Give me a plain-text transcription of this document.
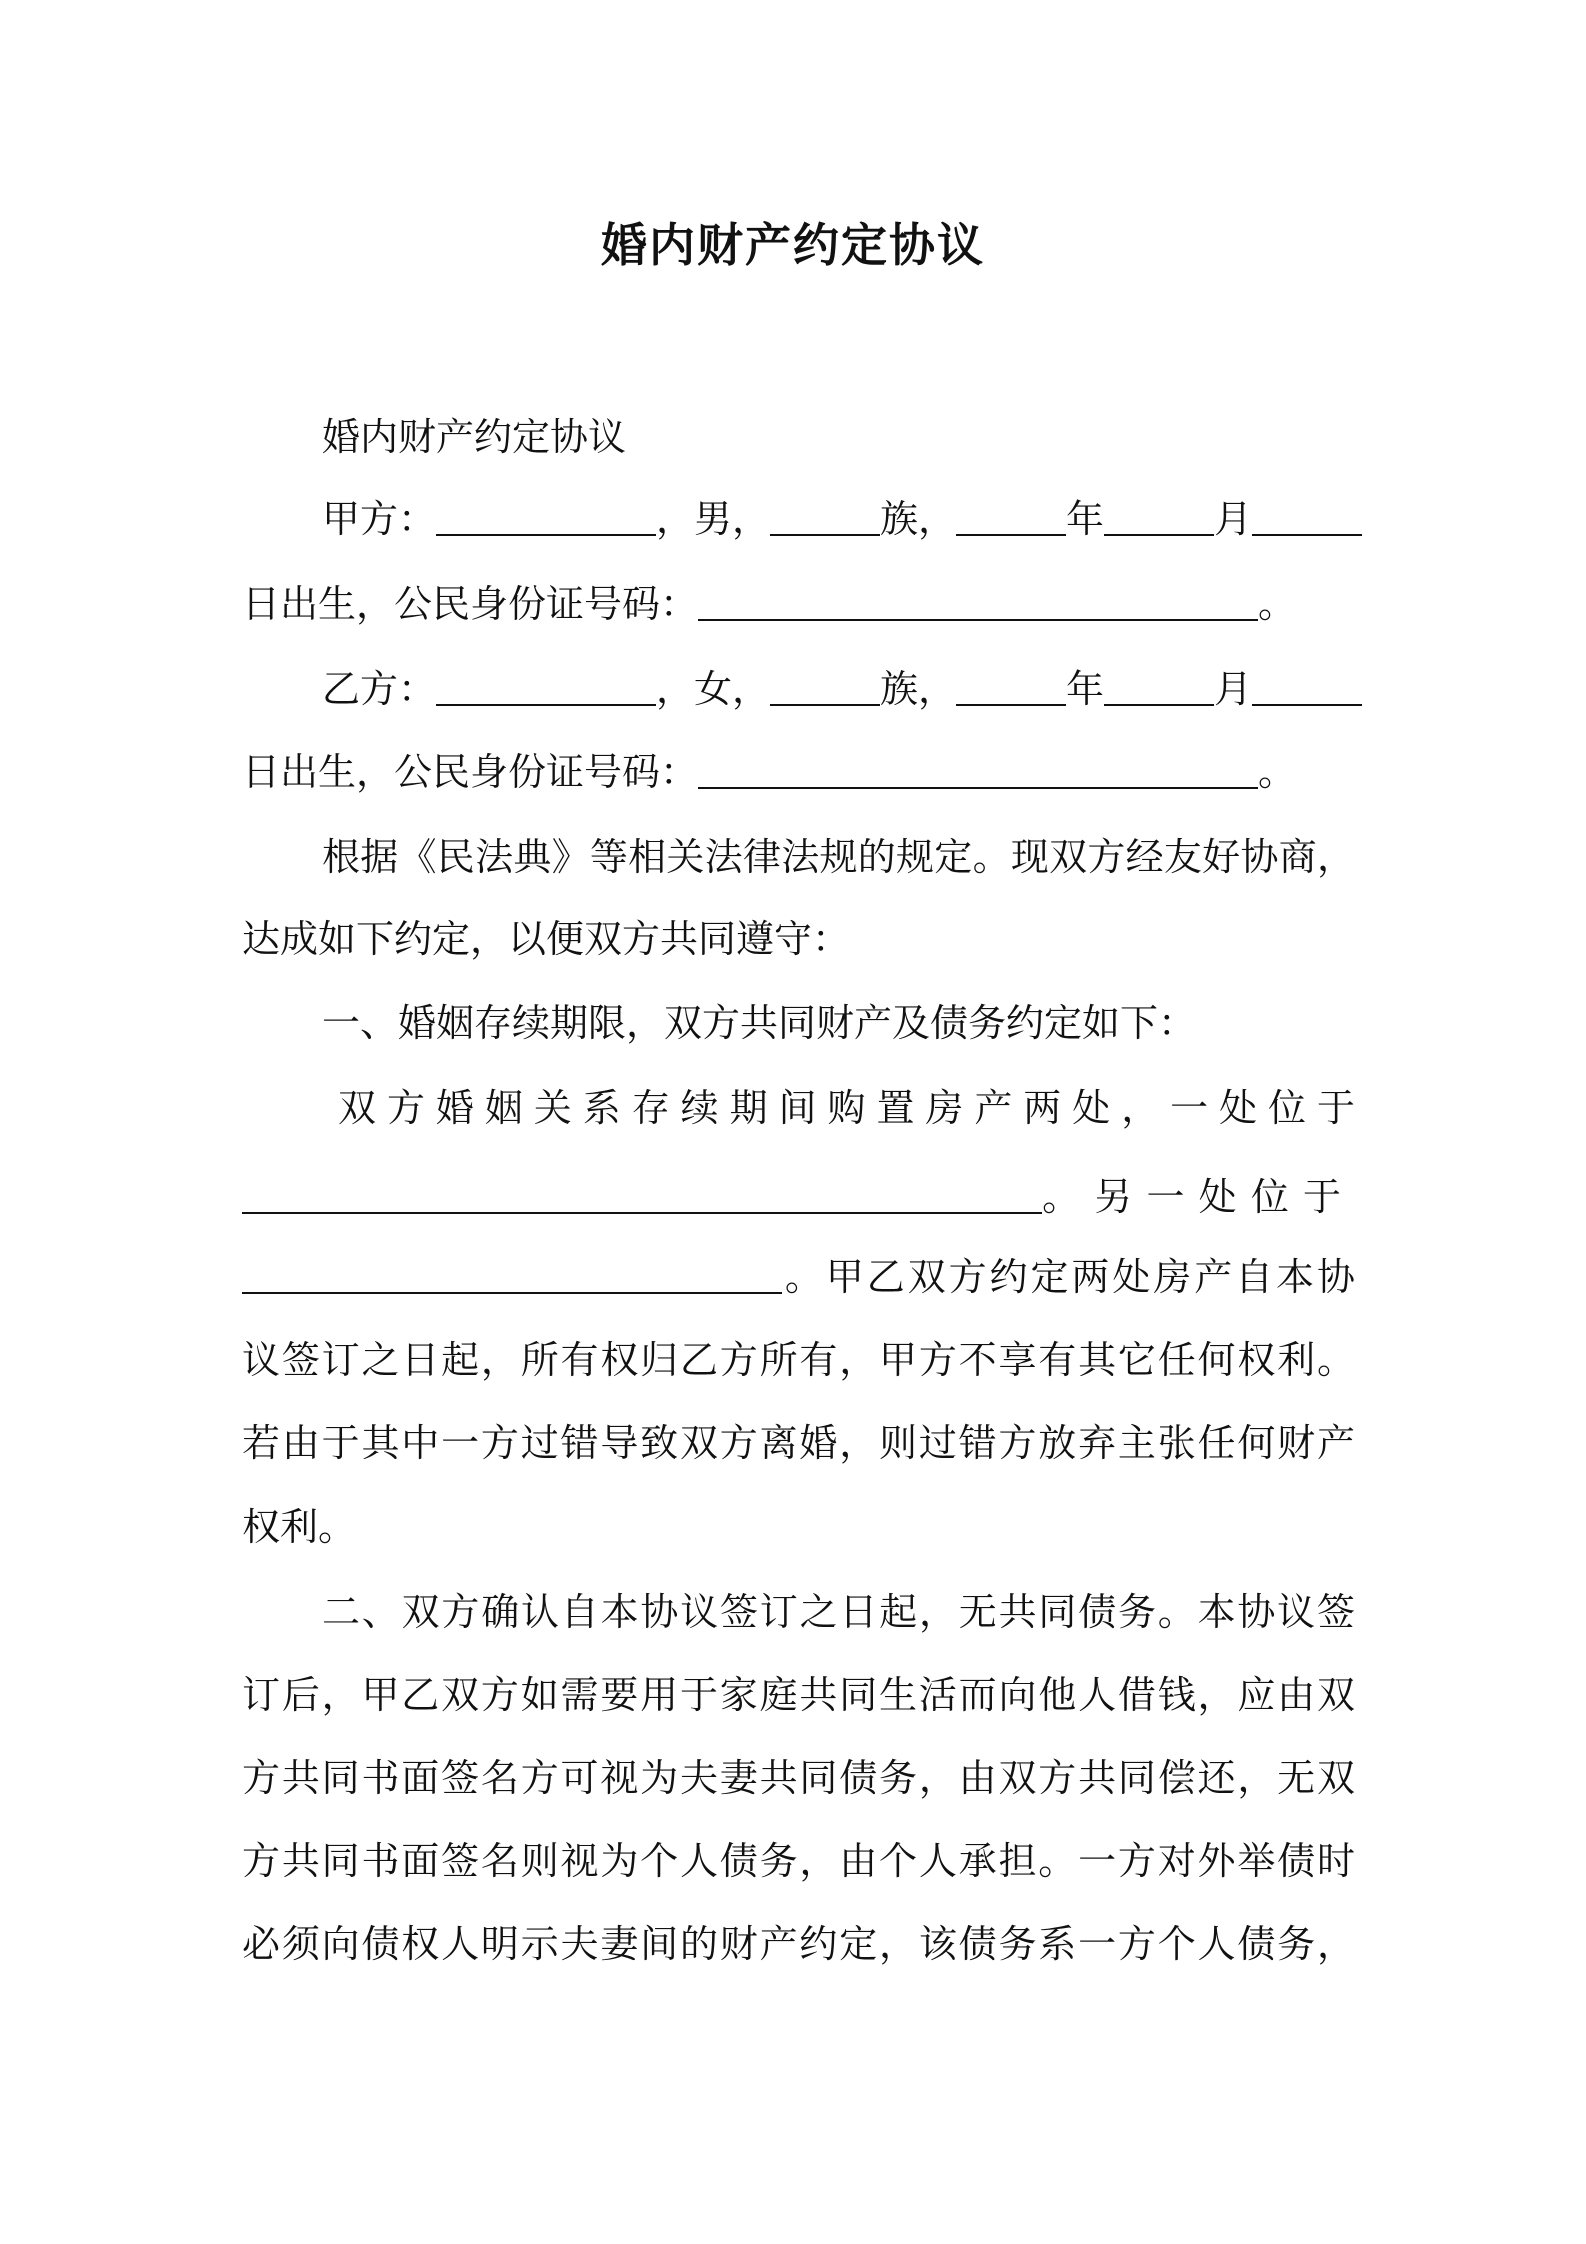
婚内财产约定协议

婚内财产约定协议

甲方：	，男，	族，	年	月

日出生，公民身份证号码：	。

乙方：	，女，	族，	年	月

日出生，公民身份证号码：	。

根据《民法典》等相关法律法规的规定。现双方经友好协商，

达成如下约定，以便双方共同遵守：

一、婚姻存续期限，双方共同财产及债务约定如下：

双方婚姻关系存续期间购置房产两处，一处位于

。另一处位于

。甲乙双方约定两处房产自本协

议签订之日起，所有权归乙方所有，甲方不享有其它任何权利。

若由于其中一方过错导致双方离婚，则过错方放弃主张任何财产

权利。

二、双方确认自本协议签订之日起，无共同债务。本协议签

订后，甲乙双方如需要用于家庭共同生活而向他人借钱，应由双

方共同书面签名方可视为夫妻共同债务，由双方共同偿还，无双

方共同书面签名则视为个人债务，由个人承担。一方对外举债时

必须向债权人明示夫妻间的财产约定，该债务系一方个人债务，
